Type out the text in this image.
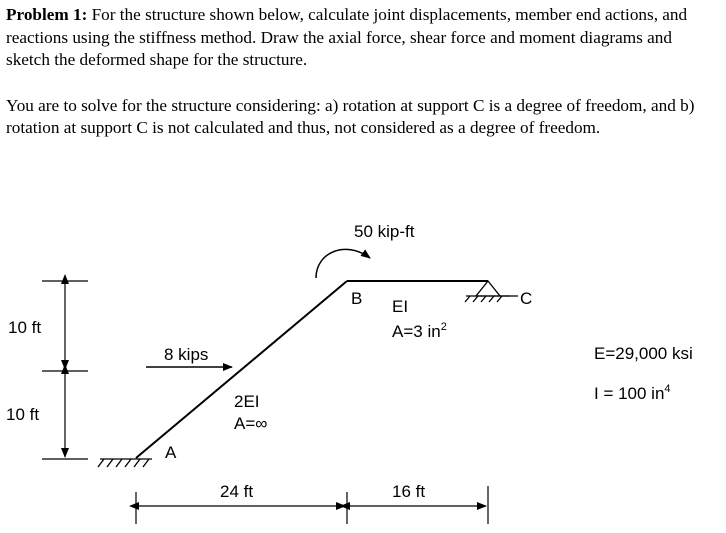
Problem 1: For the structure shown below, calculate joint displacements, member end actions, and reactions using the stiffness method. Draw the axial force, shear force and moment diagrams and sketch the deformed shape for the structure.

You are to solve for the structure considering: a) rotation at support C is a degree of freedom, and b) rotation at support C is not calculated and thus, not considered as a degree of freedom.

50 kip-ft
8 kips
A
B	C
2EI
A=∞
EI
A=3 $in^2$
10 ft
10 ft
24 ft	16 ft
E=29,000 ksi
I = 100 $in^4$
